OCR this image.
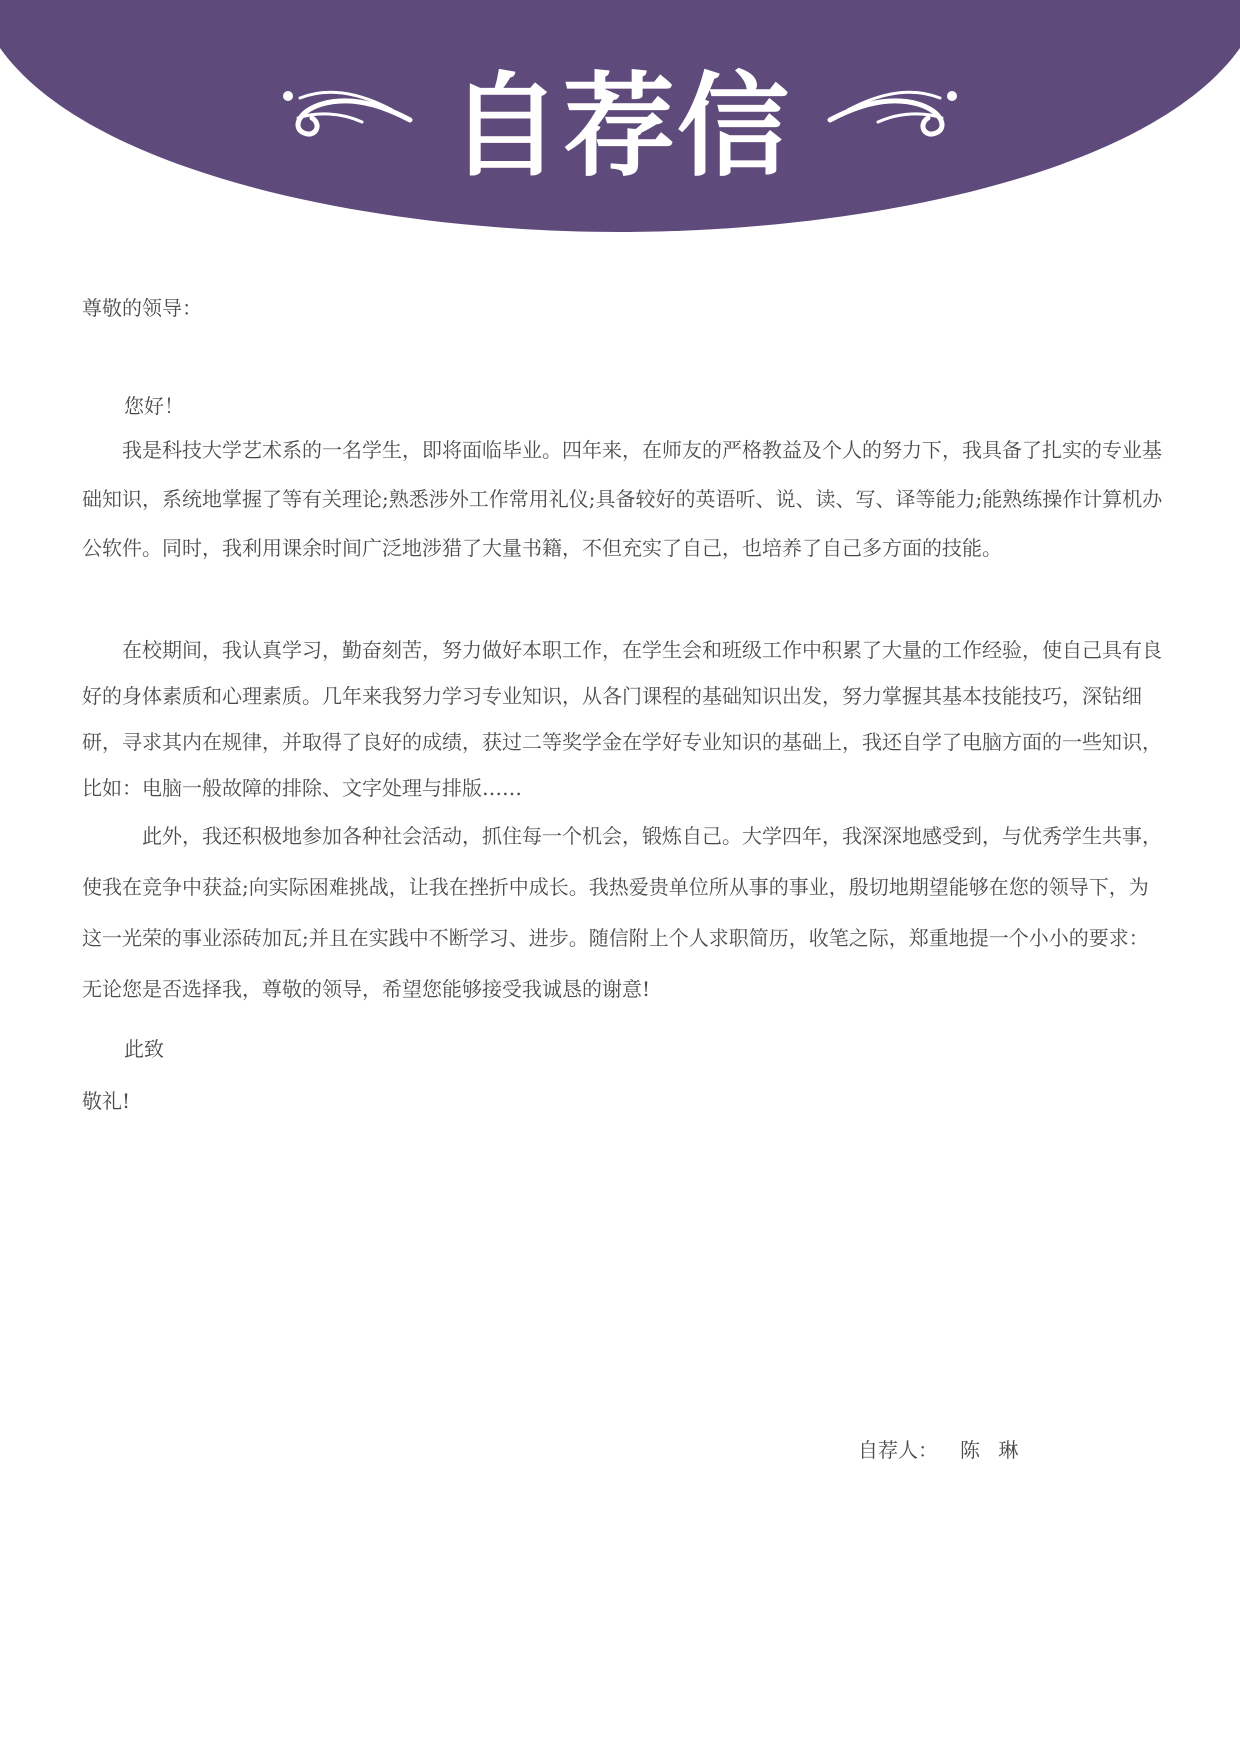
自荐信

尊敬的领导：

您好！

我是科技大学艺术系的一名学生，即将面临毕业。四年来，在师友的严格教益及个人的努力下，我具备了扎实的专业基础知识，系统地掌握了等有关理论;熟悉涉外工作常用礼仪;具备较好的英语听、说、读、写、译等能力;能熟练操作计算机办公软件。同时，我利用课余时间广泛地涉猎了大量书籍，不但充实了自己，也培养了自己多方面的技能。

在校期间，我认真学习，勤奋刻苦，努力做好本职工作，在学生会和班级工作中积累了大量的工作经验，使自己具有良好的身体素质和心理素质。几年来我努力学习专业知识，从各门课程的基础知识出发，努力掌握其基本技能技巧，深钻细研，寻求其内在规律，并取得了良好的成绩，获过二等奖学金在学好专业知识的基础上，我还自学了电脑方面的一些知识，比如：电脑一般故障的排除、文字处理与排版……

此外，我还积极地参加各种社会活动，抓住每一个机会，锻炼自己。大学四年，我深深地感受到，与优秀学生共事，使我在竞争中获益;向实际困难挑战，让我在挫折中成长。我热爱贵单位所从事的事业，殷切地期望能够在您的领导下，为这一光荣的事业添砖加瓦;并且在实践中不断学习、进步。随信附上个人求职简历，收笔之际，郑重地提一个小小的要求：无论您是否选择我，尊敬的领导，希望您能够接受我诚恳的谢意!

此致

敬礼!

自荐人： 陈 琳
